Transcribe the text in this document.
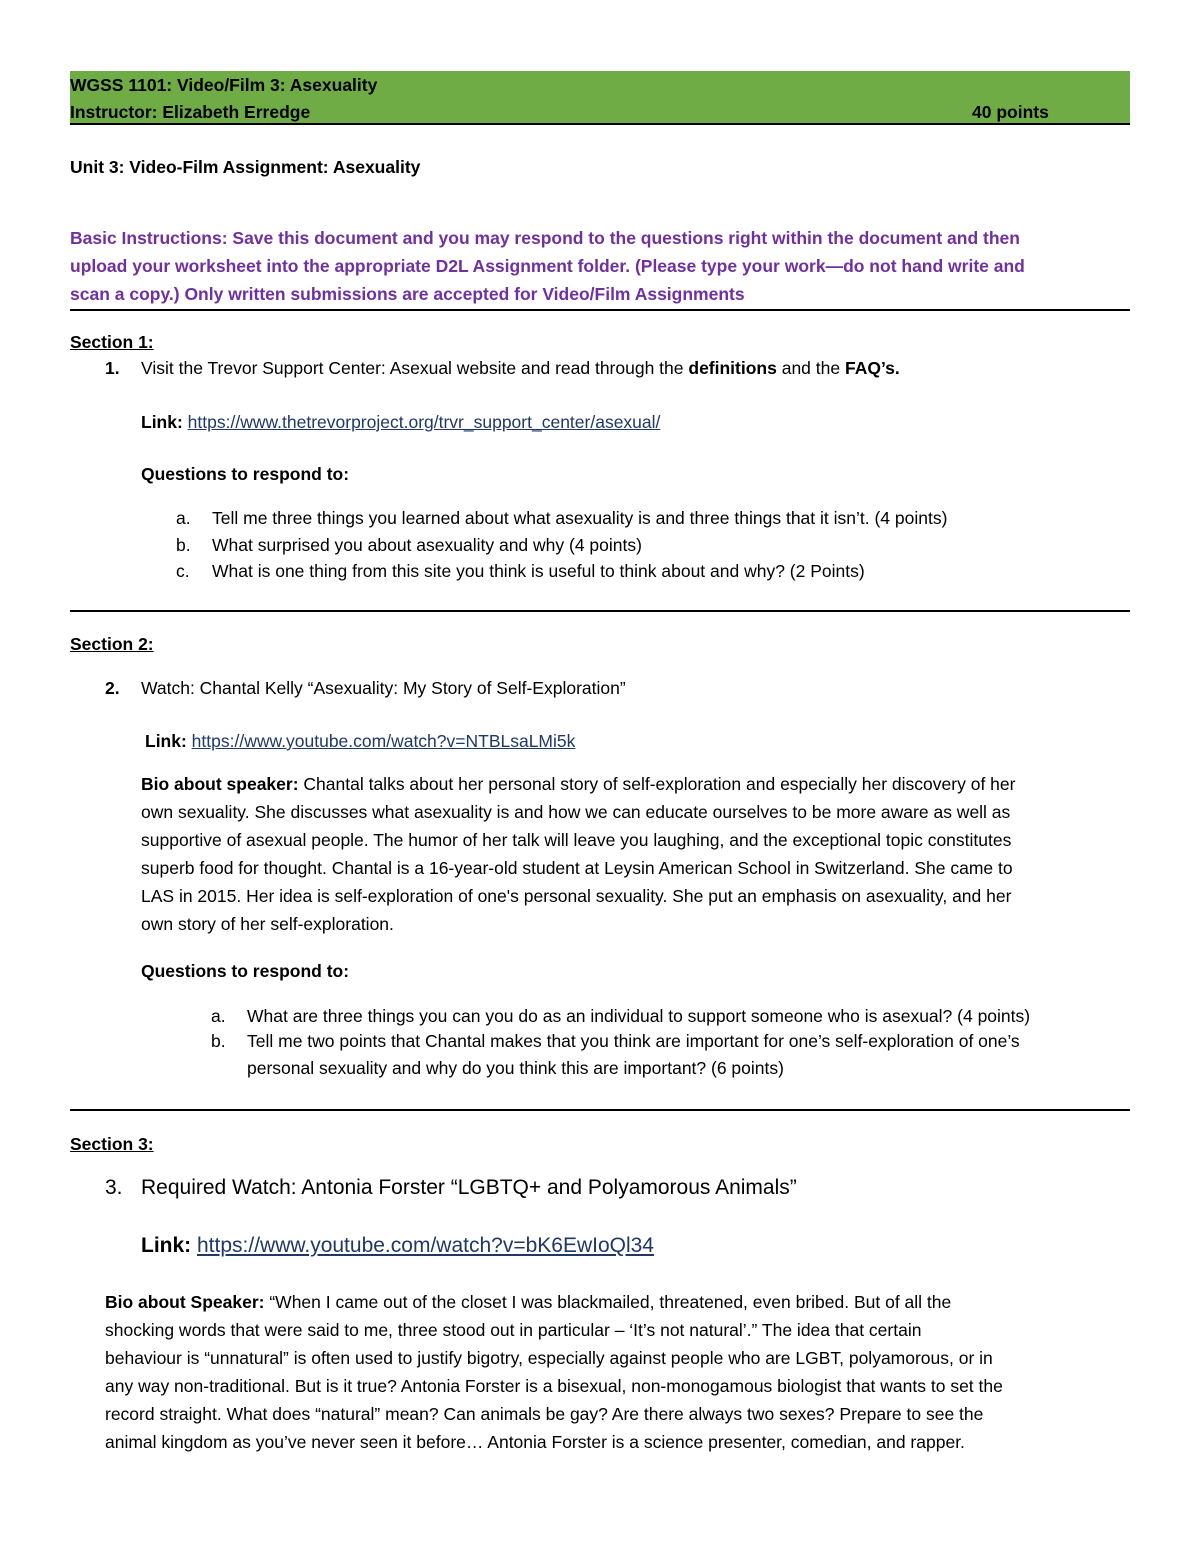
WGSS 1101: Video/Film 3: Asexuality
Instructor: Elizabeth Erredge	40 points
Unit 3: Video-Film Assignment: Asexuality
Basic Instructions: Save this document and you may respond to the questions right within the document and then
upload your worksheet into the appropriate D2L Assignment folder. (Please type your work—do not hand write and
scan a copy.) Only written submissions are accepted for Video/Film Assignments
Section 1:
1. Visit the Trevor Support Center: Asexual website and read through the definitions and the FAQ’s.
Link: https://www.thetrevorproject.org/trvr_support_center/asexual/
Questions to respond to:
a. Tell me three things you learned about what asexuality is and three things that it isn’t. (4 points)
b. What surprised you about asexuality and why (4 points)
c. What is one thing from this site you think is useful to think about and why? (2 Points)
Section 2:
2. Watch: Chantal Kelly “Asexuality: My Story of Self-Exploration”
Link: https://www.youtube.com/watch?v=NTBLsaLMi5k
Bio about speaker: Chantal talks about her personal story of self-exploration and especially her discovery of her
own sexuality. She discusses what asexuality is and how we can educate ourselves to be more aware as well as
supportive of asexual people. The humor of her talk will leave you laughing, and the exceptional topic constitutes
superb food for thought. Chantal is a 16-year-old student at Leysin American School in Switzerland. She came to
LAS in 2015. Her idea is self-exploration of one's personal sexuality. She put an emphasis on asexuality, and her
own story of her self-exploration.
Questions to respond to:
a. What are three things you can you do as an individual to support someone who is asexual? (4 points)
b. Tell me two points that Chantal makes that you think are important for one’s self-exploration of one’s
personal sexuality and why do you think this are important? (6 points)
Section 3:
3. Required Watch: Antonia Forster “LGBTQ+ and Polyamorous Animals”
Link: https://www.youtube.com/watch?v=bK6EwIoQl34
Bio about Speaker: “When I came out of the closet I was blackmailed, threatened, even bribed. But of all the
shocking words that were said to me, three stood out in particular – ‘It’s not natural’.” The idea that certain
behaviour is “unnatural” is often used to justify bigotry, especially against people who are LGBT, polyamorous, or in
any way non-traditional. But is it true? Antonia Forster is a bisexual, non-monogamous biologist that wants to set the
record straight. What does “natural” mean? Can animals be gay? Are there always two sexes? Prepare to see the
animal kingdom as you’ve never seen it before… Antonia Forster is a science presenter, comedian, and rapper.
